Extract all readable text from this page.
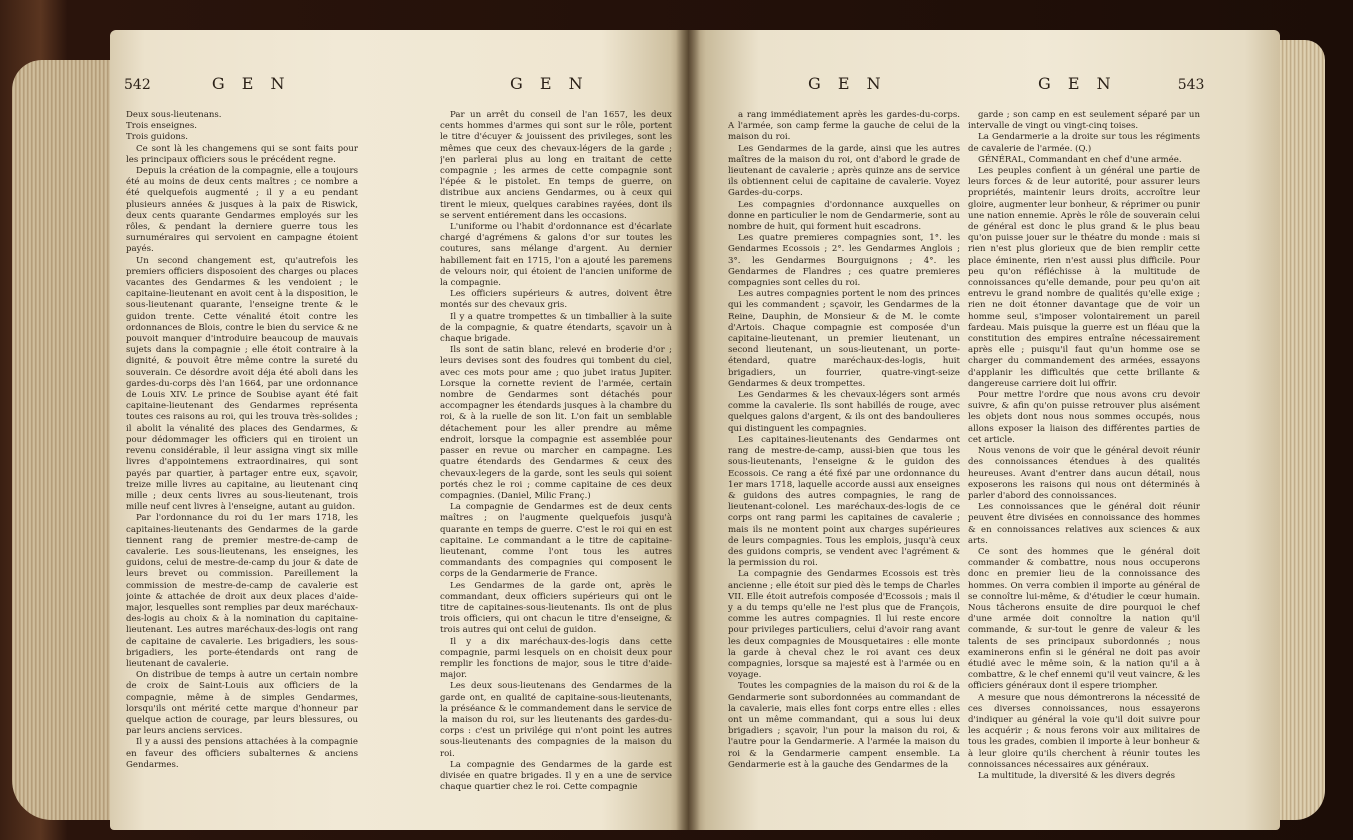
542	G E N	G E N

Deux sous-lieutenans.

Trois enseignes.

Trois guidons.

Ce sont là les changemens qui se sont faits pour les principaux officiers sous le précédent regne.

Depuis la création de la compagnie, elle a toujours été au moins de deux cents maîtres ; ce nombre a été quelquefois augmenté ; il y a eu pendant plusieurs années & jusques à la paix de Riswick, deux cents quarante Gendarmes employés sur les rôles, & pendant la derniere guerre tous les surnuméraires qui servoient en campagne étoient payés.

Un second changement est, qu'autrefois les premiers officiers disposoient des charges ou places vacantes des Gendarmes & les vendoient ; le capitaine-lieutenant en avoit cent à la disposition, le sous-lieutenant quarante, l'enseigne trente & le guidon trente. Cette vénalité étoit contre les ordonnances de Blois, contre le bien du service & ne pouvoit manquer d'introduire beaucoup de mauvais sujets dans la compagnie ; elle étoit contraire à la dignité, & pouvoit être même contre la sureté du souverain. Ce désordre avoit déja été aboli dans les gardes-du-corps dès l'an 1664, par une ordonnance de Louis XIV. Le prince de Soubise ayant été fait capitaine-lieutenant des Gendarmes représenta toutes ces raisons au roi, qui les trouva très-solides ; il abolit la vénalité des places des Gendarmes, & pour dédommager les officiers qui en tiroient un revenu considérable, il leur assigna vingt six mille livres d'appointemens extraordinaires, qui sont payés par quartier, à partager entre eux, sçavoir, treize mille livres au capitaine, au lieutenant cinq mille ; deux cents livres au sous-lieutenant, trois mille neuf cent livres à l'enseigne, autant au guidon.

Par l'ordonnance du roi du 1er mars 1718, les capitaines-lieutenants des Gendarmes de la garde tiennent rang de premier mestre-de-camp de cavalerie. Les sous-lieutenans, les enseignes, les guidons, celui de mestre-de-camp du jour & date de leurs brevet ou commission. Pareillement la commission de mestre-de-camp de cavalerie est jointe & attachée de droit aux deux places d'aide-major, lesquelles sont remplies par deux maréchaux-des-logis au choix & à la nomination du capitaine-lieutenant. Les autres maréchaux-des-logis ont rang de capitaine de cavalerie. Les brigadiers, les sous-brigadiers, les porte-étendards ont rang de lieutenant de cavalerie.

On distribue de temps à autre un certain nombre de croix de Saint-Louis aux officiers de la compagnie, même à de simples Gendarmes, lorsqu'ils ont mérité cette marque d'honneur par quelque action de courage, par leurs blessures, ou par leurs anciens services.

Il y a aussi des pensions attachées à la compagnie en faveur des officiers subalternes & anciens Gendarmes.

Par un arrêt du conseil de l'an 1657, les deux cents hommes d'armes qui sont sur le rôle, portent le titre d'écuyer & jouissent des privileges, sont les mêmes que ceux des chevaux-légers de la garde ; j'en parlerai plus au long en traitant de cette compagnie ; les armes de cette compagnie sont l'épée & le pistolet. En temps de guerre, on distribue aux anciens Gendarmes, ou à ceux qui tirent le mieux, quelques carabines rayées, dont ils se servent entiérement dans les occasions.

L'uniforme ou l'habit d'ordonnance est d'écarlate chargé d'agrémens & galons d'or sur toutes les coutures, sans mélange d'argent. Au dernier habillement fait en 1715, l'on a ajouté les paremens de velours noir, qui étoient de l'ancien uniforme de la compagnie.

Les officiers supérieurs & autres, doivent être montés sur des chevaux gris.

Il y a quatre trompettes & un timballier à la suite de la compagnie, & quatre étendarts, sçavoir un à chaque brigade.

Ils sont de satin blanc, relevé en broderie d'or ; leurs devises sont des foudres qui tombent du ciel, avec ces mots pour ame ; quo jubet iratus Jupiter. Lorsque la cornette revient de l'armée, certain nombre de Gendarmes sont détachés pour accompagner les étendards jusques à la chambre du roi, & à la ruelle de son lit. L'on fait un semblable détachement pour les aller prendre au même endroit, lorsque la compagnie est assemblée pour passer en revue ou marcher en campagne. Les quatre étendards des Gendarmes & ceux des chevaux-legers de la garde, sont les seuls qui soient portés chez le roi ; comme capitaine de ces deux compagnies. (Daniel, Milic Franç.)

La compagnie de Gendarmes est de deux cents maîtres ; on l'augmente quelquefois jusqu'à quarante en temps de guerre. C'est le roi qui en est capitaine. Le commandant a le titre de capitaine-lieutenant, comme l'ont tous les autres commandants des compagnies qui composent le corps de la Gendarmerie de France.

Les Gendarmes de la garde ont, après le commandant, deux officiers supérieurs qui ont le titre de capitaines-sous-lieutenants. Ils ont de plus trois officiers, qui ont chacun le titre d'enseigne, & trois autres qui ont celui de guidon.

Il y a dix maréchaux-des-logis dans cette compagnie, parmi lesquels on en choisit deux pour remplir les fonctions de major, sous le titre d'aide-major.

Les deux sous-lieutenans des Gendarmes de la garde ont, en qualité de capitaine-sous-lieutenants, la préséance & le commandement dans le service de la maison du roi, sur les lieutenants des gardes-du-corps : c'est un privilége qui n'ont point les autres sous-lieutenants des compagnies de la maison du roi.

La compagnie des Gendarmes de la garde est divisée en quatre brigades. Il y en a une de service chaque quartier chez le roi. Cette compagnie

G E N	G E N	543

a rang immédiatement après les gardes-du-corps. A l'armée, son camp ferme la gauche de celui de la maison du roi.

Les Gendarmes de la garde, ainsi que les autres maîtres de la maison du roi, ont d'abord le grade de lieutenant de cavalerie ; après quinze ans de service ils obtiennent celui de capitaine de cavalerie. Voyez Gardes-du-corps.

Les compagnies d'ordonnance auxquelles on donne en particulier le nom de Gendarmerie, sont au nombre de huit, qui forment huit escadrons.

Les quatre premieres compagnies sont, 1°. les Gendarmes Ecossois ; 2°. les Gendarmes Anglois ; 3°. les Gendarmes Bourguignons ; 4°. les Gendarmes de Flandres ; ces quatre premieres compagnies sont celles du roi.

Les autres compagnies portent le nom des princes qui les commandent ; sçavoir, les Gendarmes de la Reine, Dauphin, de Monsieur & de M. le comte d'Artois. Chaque compagnie est composée d'un capitaine-lieutenant, un premier lieutenant, un second lieutenant, un sous-lieutenant, un porte-étendard, quatre maréchaux-des-logis, huit brigadiers, un fourrier, quatre-vingt-seize Gendarmes & deux trompettes.

Les Gendarmes & les chevaux-légers sont armés comme la cavalerie. Ils sont habillés de rouge, avec quelques galons d'argent, & ils ont des bandoulieres qui distinguent les compagnies.

Les capitaines-lieutenants des Gendarmes ont rang de mestre-de-camp, aussi-bien que tous les sous-lieutenants, l'enseigne & le guidon des Ecossois. Ce rang a été fixé par une ordonnance du 1er mars 1718, laquelle accorde aussi aux enseignes & guidons des autres compagnies, le rang de lieutenant-colonel. Les maréchaux-des-logis de ce corps ont rang parmi les capitaines de cavalerie ; mais ils ne montent point aux charges supérieures de leurs compagnies. Tous les emplois, jusqu'à ceux des guidons compris, se vendent avec l'agrément & la permission du roi.

La compagnie des Gendarmes Ecossois est très ancienne ; elle étoit sur pied dès le temps de Charles VII. Elle étoit autrefois composée d'Ecossois ; mais il y a du temps qu'elle ne l'est plus que de François, comme les autres compagnies. Il lui reste encore pour privileges particuliers, celui d'avoir rang avant les deux compagnies de Mousquetaires : elle monte la garde à cheval chez le roi avant ces deux compagnies, lorsque sa majesté est à l'armée ou en voyage.

Toutes les compagnies de la maison du roi & de la Gendarmerie sont subordonnées au commandant de la cavalerie, mais elles font corps entre elles : elles ont un même commandant, qui a sous lui deux brigadiers ; sçavoir, l'un pour la maison du roi, & l'autre pour la Gendarmerie. A l'armée la maison du roi & la Gendarmerie campent ensemble. La Gendarmerie est à la gauche des Gendarmes de la

garde ; son camp en est seulement séparé par un intervalle de vingt ou vingt-cinq toises.

La Gendarmerie a la droite sur tous les régiments de cavalerie de l'armée. (Q.)

GÉNÉRAL, Commandant en chef d'une armée.

Les peuples confient à un général une partie de leurs forces & de leur autorité, pour assurer leurs propriétés, maintenir leurs droits, accroître leur gloire, augmenter leur bonheur, & réprimer ou punir une nation ennemie. Après le rôle de souverain celui de général est donc le plus grand & le plus beau qu'on puisse jouer sur le théatre du monde : mais si rien n'est plus glorieux que de bien remplir cette place éminente, rien n'est aussi plus difficile. Pour peu qu'on réfléchisse à la multitude de connoissances qu'elle demande, pour peu qu'on ait entrevu le grand nombre de qualités qu'elle exige ; rien ne doit étonner davantage que de voir un homme seul, s'imposer volontairement un pareil fardeau. Mais puisque la guerre est un fléau que la constitution des empires entraîne nécessairement après elle ; puisqu'il faut qu'un homme ose se charger du commandement des armées, essayons d'applanir les difficultés que cette brillante & dangereuse carriere doit lui offrir.

Pour mettre l'ordre que nous avons cru devoir suivre, & afin qu'on puisse retrouver plus aisément les objets dont nous nous sommes occupés, nous allons exposer la liaison des différentes parties de cet article.

Nous venons de voir que le général devoit réunir des connoissances étendues à des qualités heureuses. Avant d'entrer dans aucun détail, nous exposerons les raisons qui nous ont déterminés à parler d'abord des connoissances.

Les connoissances que le général doit réunir peuvent être divisées en connoissance des hommes & en connoissances relatives aux sciences & aux arts.

Ce sont des hommes que le général doit commander & combattre, nous nous occuperons donc en premier lieu de la connoissance des hommes. On verra combien il importe au général de se connoître lui-même, & d'étudier le cœur humain. Nous tâcherons ensuite de dire pourquoi le chef d'une armée doit connoître la nation qu'il commande, & sur-tout le genre de valeur & les talents de ses principaux subordonnés ; nous examinerons enfin si le général ne doit pas avoir étudié avec le même soin, & la nation qu'il a à combattre, & le chef ennemi qu'il veut vaincre, & les officiers généraux dont il espere triompher.

A mesure que nous démontrerons la nécessité de ces diverses connoissances, nous essayerons d'indiquer au général la voie qu'il doit suivre pour les acquérir ; & nous ferons voir aux militaires de tous les grades, combien il importe à leur bonheur & à leur gloire qu'ils cherchent à réunir toutes les connoissances nécessaires aux généraux.

La multitude, la diversité & les divers degrés
